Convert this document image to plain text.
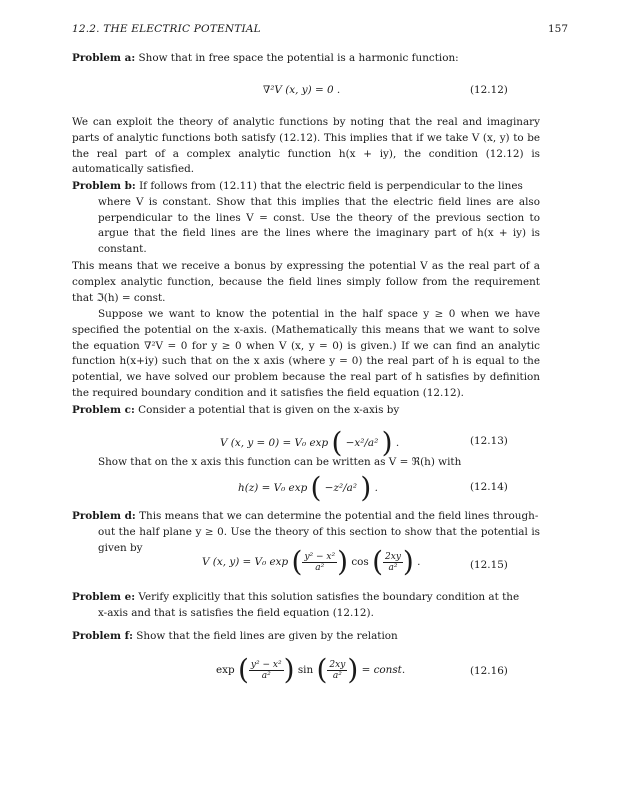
12.2. THE ELECTRIC POTENTIAL	157
Problem a: Show that in free space the potential is a harmonic function:
∇²V (x, y) = 0 .	(12.12)
We can exploit the theory of analytic functions by noting that the real and imaginary parts of analytic functions both satisfy (12.12). This implies that if we take V (x, y) to be the real part of a complex analytic function h(x + iy), the condition (12.12) is automatically satisfied.
Problem b: If follows from (12.11) that the electric field is perpendicular to the lines
where V is constant. Show that this implies that the electric field lines are also perpendicular to the lines V = const. Use the theory of the previous section to argue that the field lines are the lines where the imaginary part of h(x + iy) is constant.
This means that we receive a bonus by expressing the potential V as the real part of a complex analytic function, because the field lines simply follow from the requirement that ℑ(h) = const.
Suppose we want to know the potential in the half space y ≥ 0 when we have specified the potential on the x-axis. (Mathematically this means that we want to solve the equation ∇²V = 0 for y ≥ 0 when V (x, y = 0) is given.) If we can find an analytic function h(x+iy) such that on the x axis (where y = 0) the real part of h is equal to the potential, we have solved our problem because the real part of h satisfies by definition the required boundary condition and it satisfies the field equation (12.12).
Problem c: Consider a potential that is given on the x-axis by
V (x, y = 0) = V₀ exp ( −x²/a² ) .	(12.13)
Show that on the x axis this function can be written as V = ℜ(h) with
h(z) = V₀ exp ( −z²/a² ) .	(12.14)
Problem d: This means that we can determine the potential and the field lines through-
out the half plane y ≥ 0. Use the theory of this section to show that the potential is given by
V (x, y) = V₀ exp ( $\frac{\text{y² − x²}}{\text{a²}}$ ) cos ( $\frac{2xy}{\text{a²}}$ ) .	(12.15)
Problem e: Verify explicitly that this solution satisfies the boundary condition at the
x-axis and that is satisfies the field equation (12.12).
Problem f: Show that the field lines are given by the relation
exp ( $\frac{\text{y² − x²}}{\text{a²}}$ ) sin ( $\frac{2xy}{\text{a²}}$ ) = const.	(12.16)
